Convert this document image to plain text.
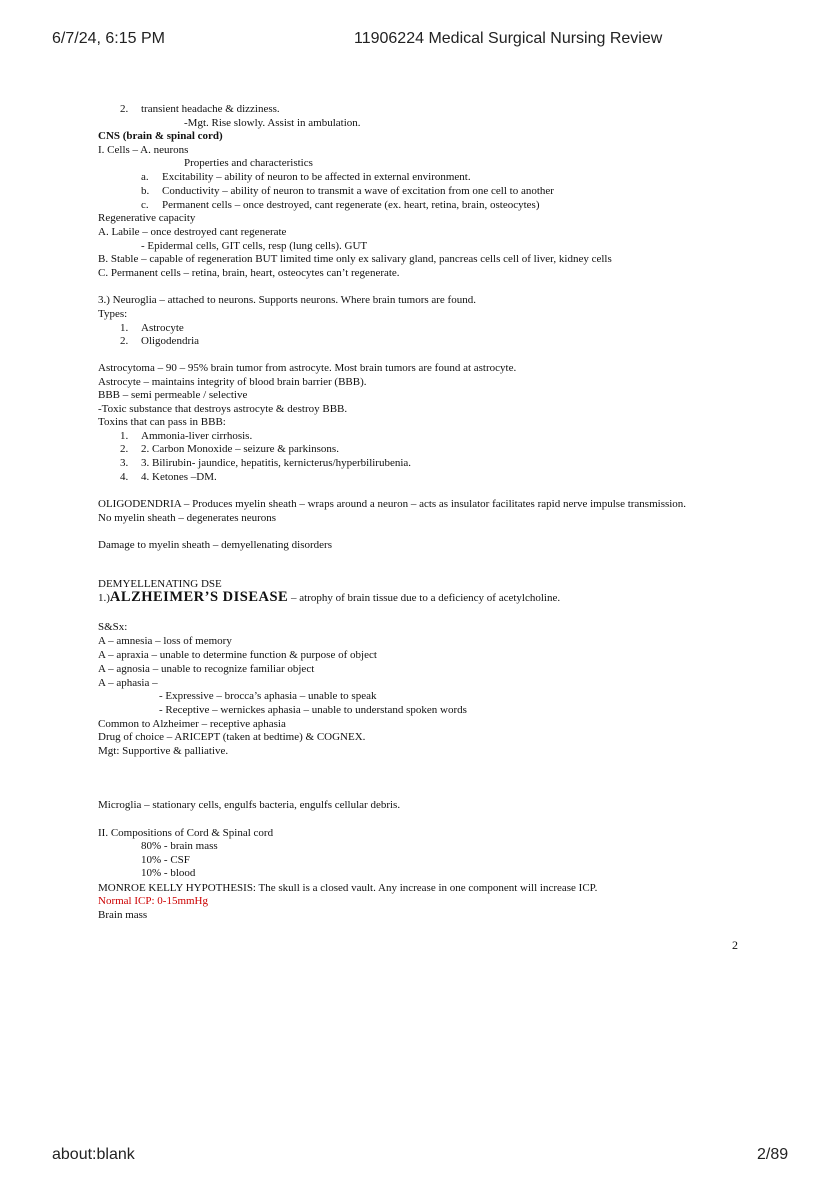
6/7/24, 6:15 PM	11906224 Medical Surgical Nursing Review
2. transient headache & dizziness.
-Mgt. Rise slowly. Assist in ambulation.
CNS (brain & spinal cord)
I. Cells – A. neurons
Properties and characteristics
a. Excitability – ability of neuron to be affected in external environment.
b. Conductivity – ability of neuron to transmit a wave of excitation from one cell to another
c. Permanent cells – once destroyed, cant regenerate (ex. heart, retina, brain, osteocytes)
Regenerative capacity
A. Labile – once destroyed cant regenerate
- Epidermal cells, GIT cells, resp (lung cells). GUT
B. Stable – capable of regeneration BUT limited time only ex salivary gland, pancreas cells cell of liver, kidney cells
C. Permanent cells – retina, brain, heart, osteocytes can’t regenerate.
3.) Neuroglia – attached to neurons. Supports neurons. Where brain tumors are found.
Types:
1. Astrocyte
2. Oligodendria
Astrocytoma – 90 – 95% brain tumor from astrocyte. Most brain tumors are found at astrocyte.
Astrocyte – maintains integrity of blood brain barrier (BBB).
BBB – semi permeable / selective
-Toxic substance that destroys astrocyte & destroy BBB.
Toxins that can pass in BBB:
1. Ammonia-liver cirrhosis.
2. 2. Carbon Monoxide – seizure & parkinsons.
3. 3. Bilirubin- jaundice, hepatitis, kernicterus/hyperbilirubenia.
4. 4. Ketones –DM.
OLIGODENDRIA – Produces myelin sheath – wraps around a neuron – acts as insulator facilitates rapid nerve impulse transmission.
No myelin sheath – degenerates neurons
Damage to myelin sheath – demyellenating disorders
DEMYELLENATING DSE
1.)ALZHEIMER’S DISEASE – atrophy of brain tissue due to a deficiency of acetylcholine.
S&Sx:
A – amnesia – loss of memory
A – apraxia – unable to determine function & purpose of object
A – agnosia – unable to recognize familiar object
A – aphasia –
- Expressive – brocca’s aphasia – unable to speak
- Receptive – wernickes aphasia – unable to understand spoken words
Common to Alzheimer – receptive aphasia
Drug of choice – ARICEPT (taken at bedtime) & COGNEX.
Mgt: Supportive & palliative.
Microglia – stationary cells, engulfs bacteria, engulfs cellular debris.
II. Compositions of Cord & Spinal cord
80% - brain mass
10% - CSF
10% - blood
MONROE KELLY HYPOTHESIS: The skull is a closed vault. Any increase in one component will increase ICP.
Normal ICP: 0-15mmHg
Brain mass
2
about:blank	2/89
